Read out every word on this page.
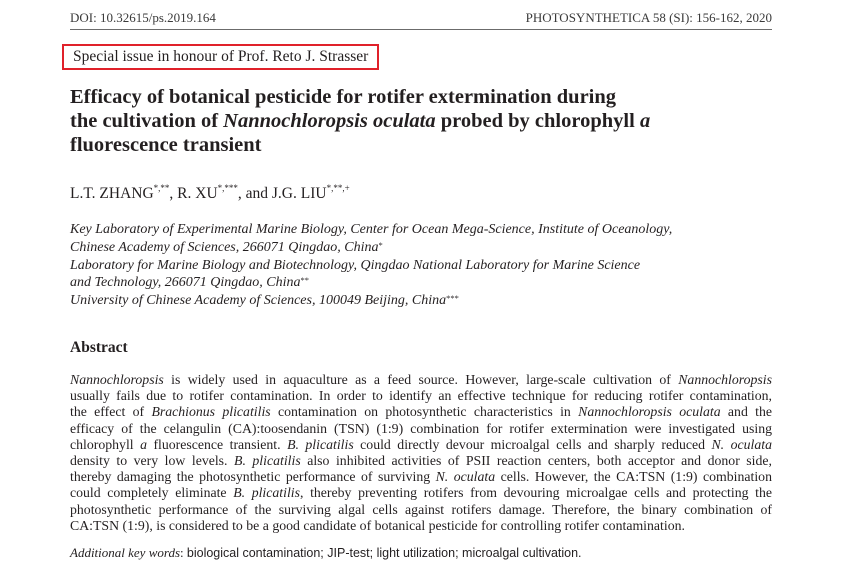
DOI: 10.32615/ps.2019.164	PHOTOSYNTHETICA 58 (SI): 156-162, 2020
Special issue in honour of Prof. Reto J. Strasser
Efficacy of botanical pesticide for rotifer extermination during
the cultivation of Nannochloropsis oculata probed by chlorophyll a
fluorescence transient
L.T. ZHANG*,**, R. XU*,***, and J.G. LIU*,**,+
Key Laboratory of Experimental Marine Biology, Center for Ocean Mega-Science, Institute of Oceanology,
Chinese Academy of Sciences, 266071 Qingdao, China*
Laboratory for Marine Biology and Biotechnology, Qingdao National Laboratory for Marine Science
and Technology, 266071 Qingdao, China**
University of Chinese Academy of Sciences, 100049 Beijing, China***
Abstract
Nannochloropsis is widely used in aquaculture as a feed source. However, large-scale cultivation of Nannochloropsis
usually fails due to rotifer contamination. In order to identify an effective technique for reducing rotifer contamination,
the effect of Brachionus plicatilis contamination on photosynthetic characteristics in Nannochloropsis oculata and the
efficacy of the celangulin (CA):toosendanin (TSN) (1:9) combination for rotifer extermination were investigated using
chlorophyll a fluorescence transient. B. plicatilis could directly devour microalgal cells and sharply reduced N. oculata
density to very low levels. B. plicatilis also inhibited activities of PSII reaction centers, both acceptor and donor side,
thereby damaging the photosynthetic performance of surviving N. oculata cells. However, the CA:TSN (1:9) combination
could completely eliminate B. plicatilis, thereby preventing rotifers from devouring microalgae cells and protecting the
photosynthetic performance of the surviving algal cells against rotifers damage. Therefore, the binary combination of
CA:TSN (1:9), is considered to be a good candidate of botanical pesticide for controlling rotifer contamination.
Additional key words: biological contamination; JIP-test; light utilization; microalgal cultivation.
